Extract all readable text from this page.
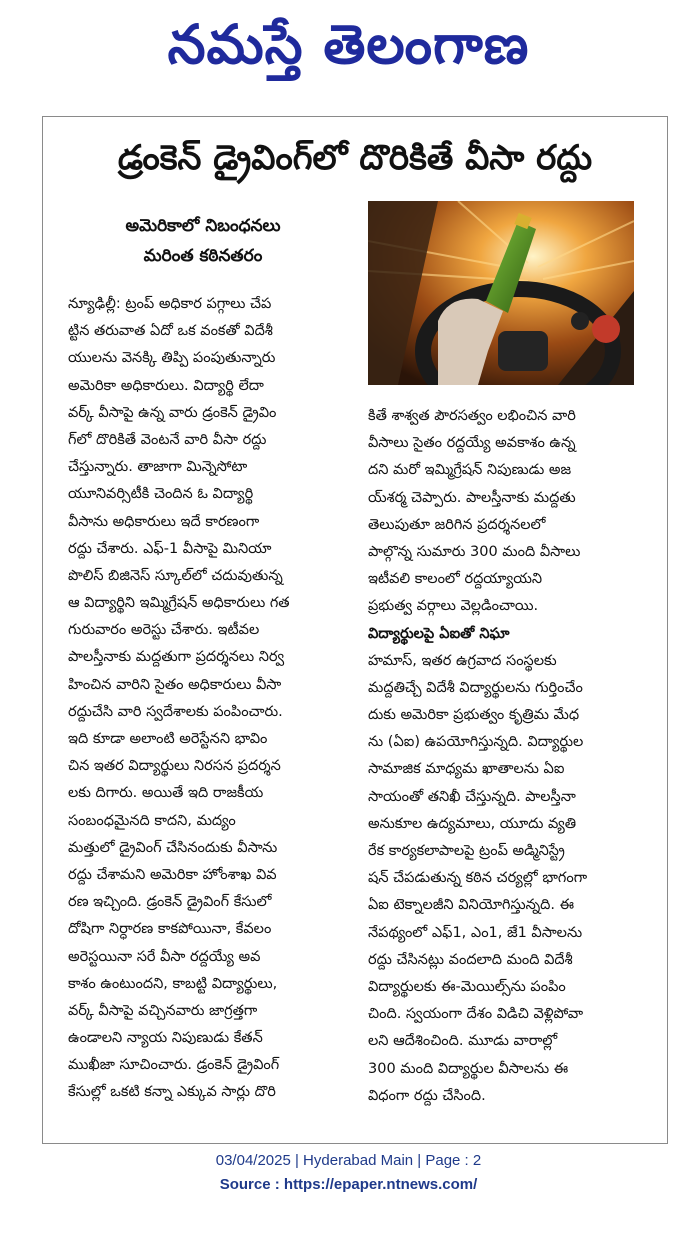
నమస్తే తెలంగాణ
డ్రంకెన్ డ్రైవింగ్‌లో దొరికితే వీసా రద్దు
అమెరికాలో నిబంధనలు
మరింత కఠినతరం
న్యూఢిల్లీ: ట్రంప్ అధికార పగ్గాలు చేప
ట్టిన తరువాత ఏదో ఒక వంకతో విదేశీ
యులను వెనక్కి తిప్పి పంపుతున్నారు
అమెరికా అధికారులు. విద్యార్థి లేదా
వర్క్ వీసాపై ఉన్న వారు డ్రంకెన్ డ్రైవిం
గ్‌లో దొరికితే వెంటనే వారి వీసా రద్దు
చేస్తున్నారు. తాజాగా మిన్నెసోటా
యూనివర్సిటీకి చెందిన ఓ విద్యార్థి
వీసాను అధికారులు ఇదే కారణంగా
రద్దు చేశారు. ఎఫ్-1 వీసాపై మినియా
పొలిస్ బిజినెస్ స్కూల్‌లో చదువుతున్న
ఆ విద్యార్థిని ఇమ్మిగ్రేషన్ అధికారులు గత
గురువారం అరెస్టు చేశారు. ఇటీవల
పాలస్తీనాకు మద్దతుగా ప్రదర్శనలు నిర్వ
హించిన వారిని సైతం అధికారులు వీసా
రద్దుచేసి వారి స్వదేశాలకు పంపించారు.
ఇది కూడా అలాంటి అరెస్టేనని భావిం
చిన ఇతర విద్యార్థులు నిరసన ప్రదర్శన
లకు దిగారు. అయితే ఇది రాజకీయ
సంబంధమైనది కాదని, మద్యం
మత్తులో డ్రైవింగ్ చేసినందుకు వీసాను
రద్దు చేశామని అమెరికా హోంశాఖ వివ
రణ ఇచ్చింది. డ్రంకెన్ డ్రైవింగ్ కేసులో
దోషిగా నిర్ధారణ కాకపోయినా, కేవలం
అరెస్టయినా సరే వీసా రద్దయ్యే అవ
కాశం ఉంటుందని, కాబట్టి విద్యార్థులు,
వర్క్ వీసాపై వచ్చినవారు జాగ్రత్తగా
ఉండాలని న్యాయ నిపుణుడు కేతన్
ముఖీజా సూచించారు. డ్రంకెన్ డ్రైవింగ్
కేసుల్లో ఒకటి కన్నా ఎక్కువ సార్లు దొరి
కితే శాశ్వత పౌరసత్వం లభించిన వారి
వీసాలు సైతం రద్దయ్యే అవకాశం ఉన్న
దని మరో ఇమ్మిగ్రేషన్ నిపుణుడు అజ
య్‌శర్మ చెప్పారు. పాలస్తీనాకు మద్దతు
తెలుపుతూ జరిగిన ప్రదర్శనలలో
పాల్గొన్న సుమారు 300 మంది వీసాలు
ఇటీవలి కాలంలో రద్దయ్యాయని
ప్రభుత్వ వర్గాలు వెల్లడించాయి.
విద్యార్థులపై ఏఐతో నిఘా
హమాస్, ఇతర ఉగ్రవాద సంస్థలకు
మద్దతిచ్చే విదేశీ విద్యార్థులను గుర్తించేం
దుకు అమెరికా ప్రభుత్వం కృత్రిమ మేధ
ను (ఏఐ) ఉపయోగిస్తున్నది. విద్యార్థుల
సామాజిక మాధ్యమ ఖాతాలను ఏఐ
సాయంతో తనిఖీ చేస్తున్నది. పాలస్తీనా
అనుకూల ఉద్యమాలు, యూదు వ్యతి
రేక కార్యకలాపాలపై ట్రంప్ అడ్మినిస్ట్రే
షన్ చేపడుతున్న కఠిన చర్యల్లో భాగంగా
ఏఐ టెక్నాలజీని వినియోగిస్తున్నది. ఈ
నేపథ్యంలో ఎఫ్1, ఎం1, జే1 వీసాలను
రద్దు చేసినట్లు వందలాది మంది విదేశీ
విద్యార్థులకు ఈ-మెయిల్స్‌ను పంపిం
చింది. స్వయంగా దేశం విడిచి వెళ్లిపోవా
లని ఆదేశించింది. మూడు వారాల్లో
300 మంది విద్యార్థుల వీసాలను ఈ
విధంగా రద్దు చేసింది.
03/04/2025 | Hyderabad Main | Page : 2
Source : https://epaper.ntnews.com/
